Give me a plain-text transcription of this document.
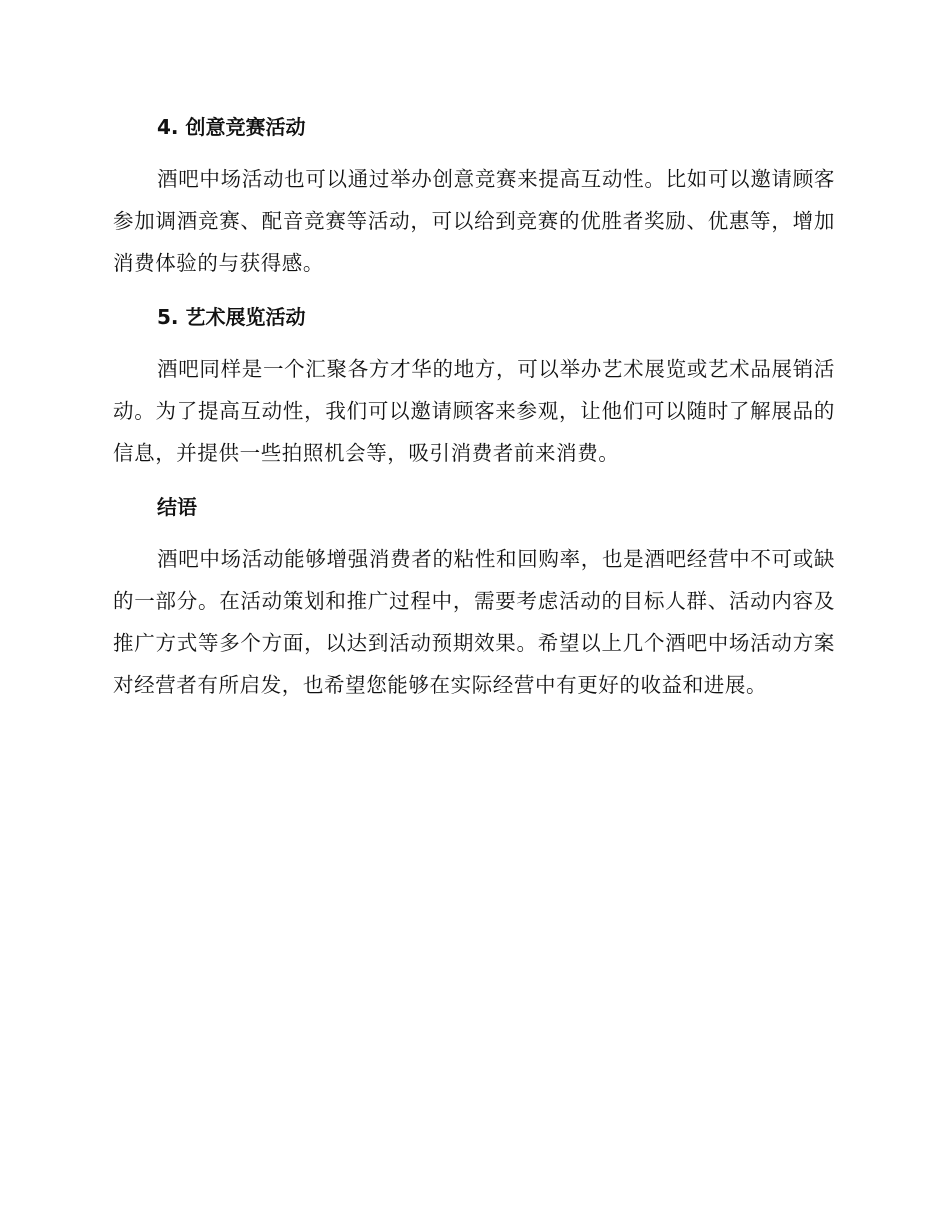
4. 创意竞赛活动

酒吧中场活动也可以通过举办创意竞赛来提高互动性。比如可以邀请顾客参加调酒竞赛、配音竞赛等活动，可以给到竞赛的优胜者奖励、优惠等，增加消费体验的与获得感。

5. 艺术展览活动

酒吧同样是一个汇聚各方才华的地方，可以举办艺术展览或艺术品展销活动。为了提高互动性，我们可以邀请顾客来参观，让他们可以随时了解展品的信息，并提供一些拍照机会等，吸引消费者前来消费。

结语

酒吧中场活动能够增强消费者的粘性和回购率，也是酒吧经营中不可或缺的一部分。在活动策划和推广过程中，需要考虑活动的目标人群、活动内容及推广方式等多个方面，以达到活动预期效果。希望以上几个酒吧中场活动方案对经营者有所启发，也希望您能够在实际经营中有更好的收益和进展。
